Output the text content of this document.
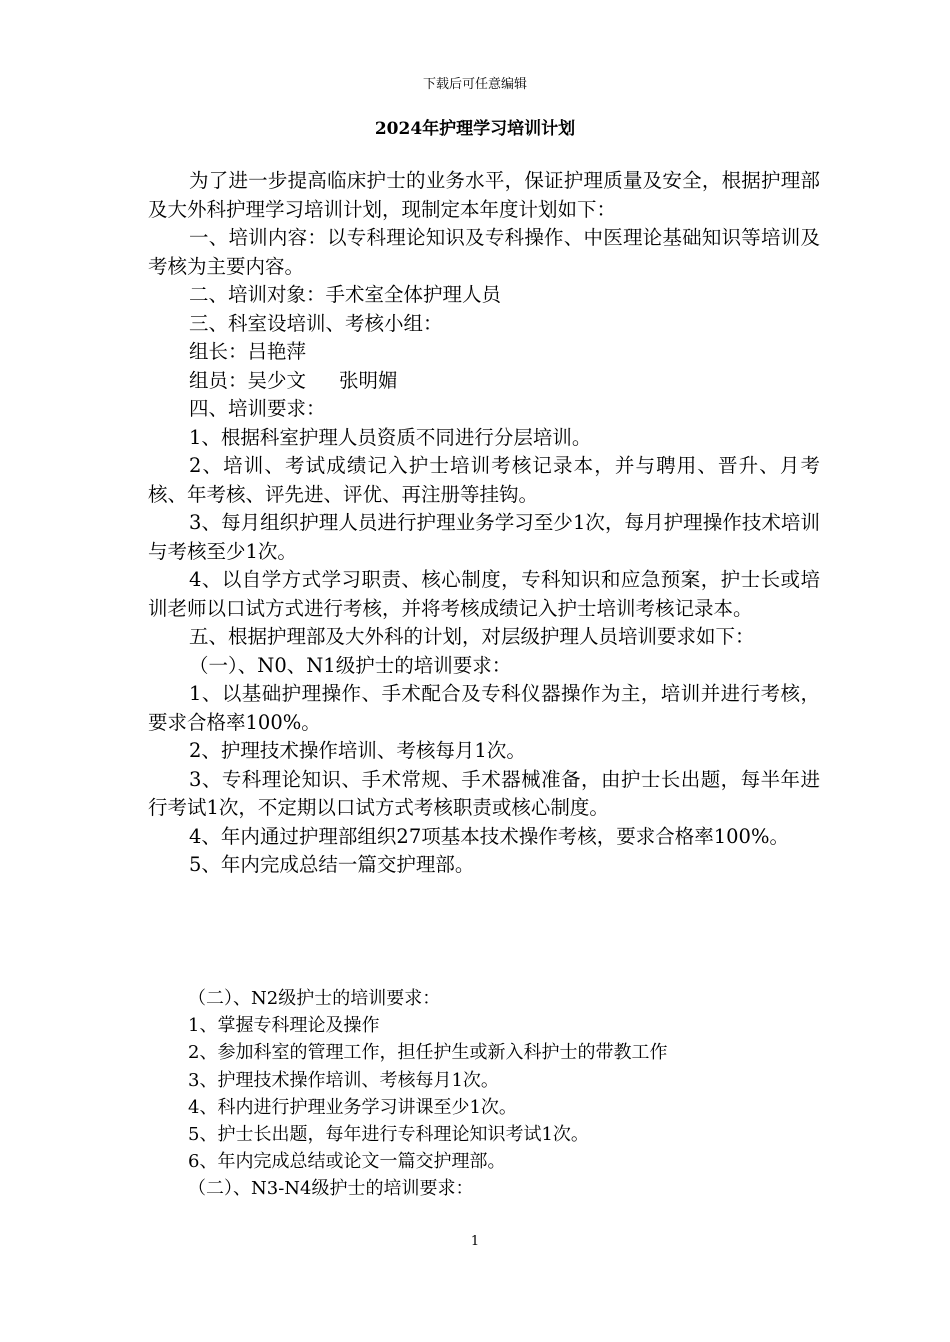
下载后可任意编辑
2024年护理学习培训计划

为了进一步提高临床护士的业务水平，保证护理质量及安全，根据护理部及大外科护理学习培训计划，现制定本年度计划如下：

一、培训内容：以专科理论知识及专科操作、中医理论基础知识等培训及考核为主要内容。

二、培训对象：手术室全体护理人员

三、科室设培训、考核小组：

组长：吕艳萍

组员：吴少文 张明媚

四、培训要求：

1、根据科室护理人员资质不同进行分层培训。

2、培训、考试成绩记入护士培训考核记录本，并与聘用、晋升、月考核、年考核、评先进、评优、再注册等挂钩。

3、每月组织护理人员进行护理业务学习至少1次，每月护理操作技术培训与考核至少1次。

4、以自学方式学习职责、核心制度，专科知识和应急预案，护士长或培训老师以口试方式进行考核，并将考核成绩记入护士培训考核记录本。

五、根据护理部及大外科的计划，对层级护理人员培训要求如下：

（一）、N0、N1级护士的培训要求：

1、以基础护理操作、手术配合及专科仪器操作为主，培训并进行考核，要求合格率100%。

2、护理技术操作培训、考核每月1次。

3、专科理论知识、手术常规、手术器械准备，由护士长出题，每半年进行考试1次，不定期以口试方式考核职责或核心制度。

4、年内通过护理部组织27项基本技术操作考核，要求合格率100%。

5、年内完成总结一篇交护理部。

（二）、N2级护士的培训要求：

1、掌握专科理论及操作

2、参加科室的管理工作，担任护生或新入科护士的带教工作

3、护理技术操作培训、考核每月1次。

4、科内进行护理业务学习讲课至少1次。

5、护士长出题，每年进行专科理论知识考试1次。

6、年内完成总结或论文一篇交护理部。

（二）、N3-N4级护士的培训要求：

1
